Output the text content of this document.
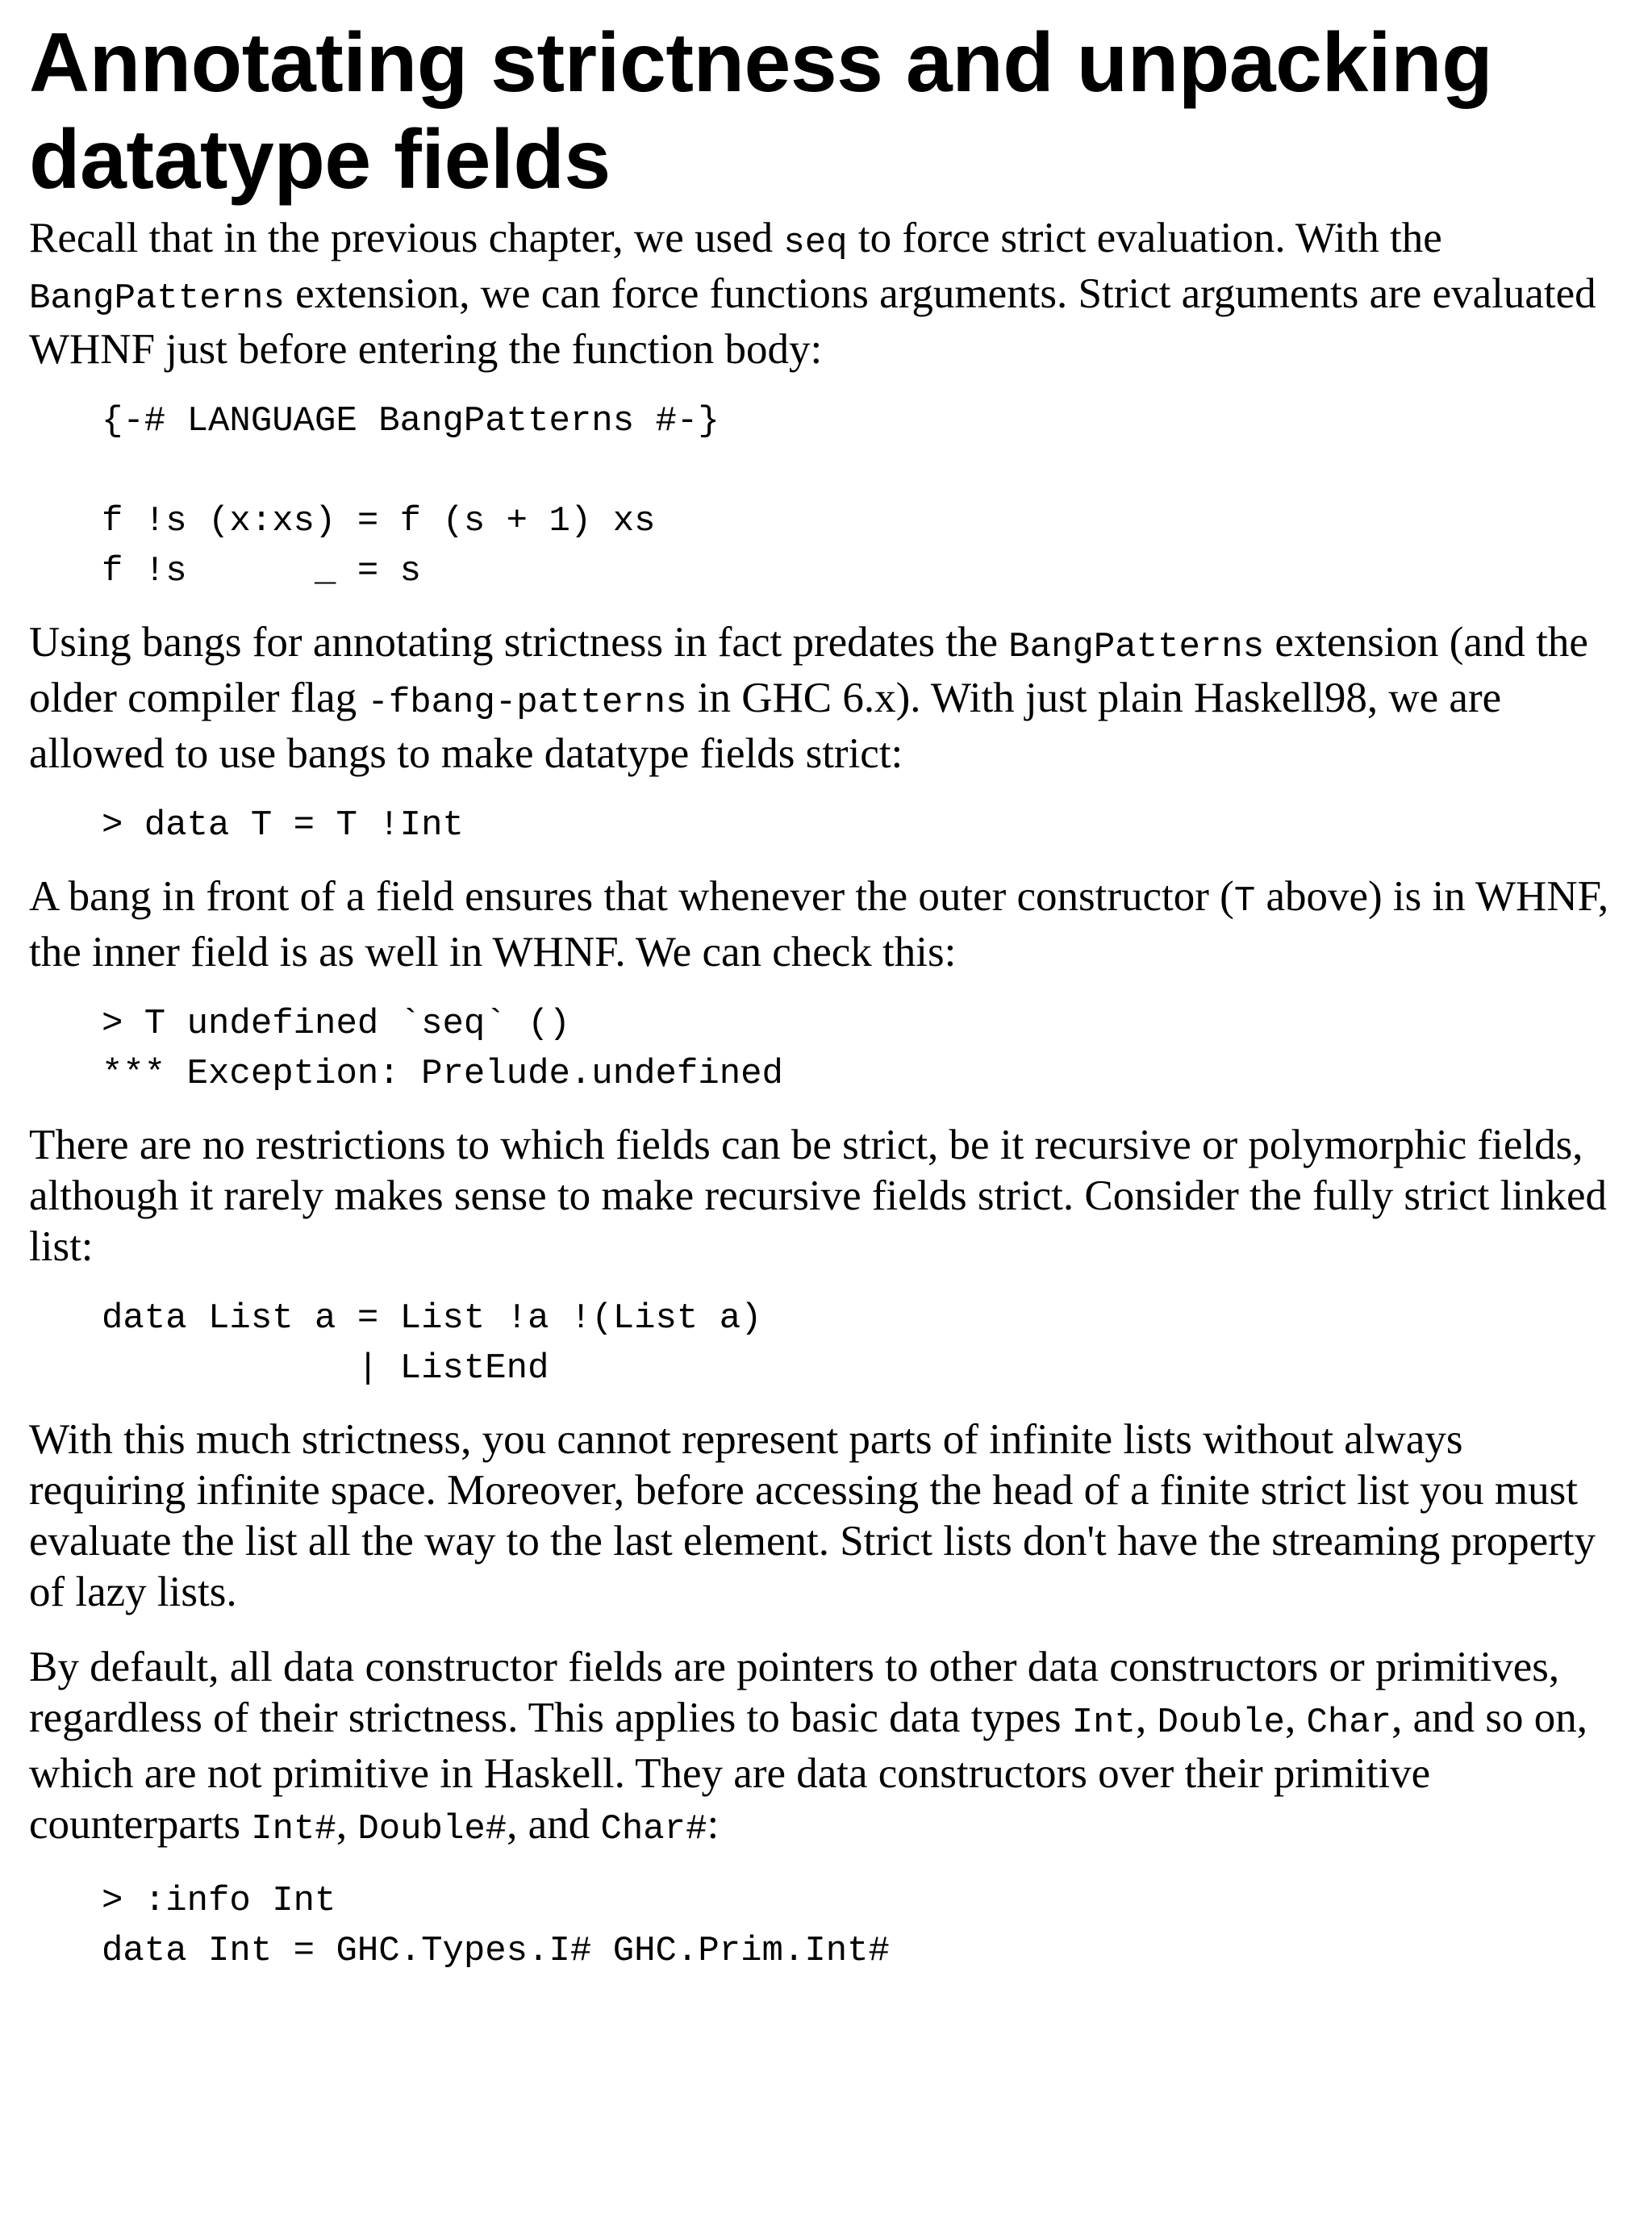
Annotating strictness and unpacking datatype fields

Recall that in the previous chapter, we used seq to force strict evaluation. With the BangPatterns extension, we can force functions arguments. Strict arguments are evaluated WHNF just before entering the function body:

{-# LANGUAGE BangPatterns #-}

f !s (x:xs) = f (s + 1) xs
f !s      _ = s

Using bangs for annotating strictness in fact predates the BangPatterns extension (and the older compiler flag -fbang-patterns in GHC 6.x). With just plain Haskell98, we are allowed to use bangs to make datatype fields strict:

> data T = T !Int

A bang in front of a field ensures that whenever the outer constructor (T above) is in WHNF, the inner field is as well in WHNF. We can check this:

> T undefined `seq` ()
*** Exception: Prelude.undefined

There are no restrictions to which fields can be strict, be it recursive or polymorphic fields, although it rarely makes sense to make recursive fields strict. Consider the fully strict linked list:

data List a = List !a !(List a)
| ListEnd

With this much strictness, you cannot represent parts of infinite lists without always requiring infinite space. Moreover, before accessing the head of a finite strict list you must evaluate the list all the way to the last element. Strict lists don't have the streaming property of lazy lists.

By default, all data constructor fields are pointers to other data constructors or primitives, regardless of their strictness. This applies to basic data types Int, Double, Char, and so on, which are not primitive in Haskell. They are data constructors over their primitive counterparts Int#, Double#, and Char#:

> :info Int
data Int = GHC.Types.I# GHC.Prim.Int#
